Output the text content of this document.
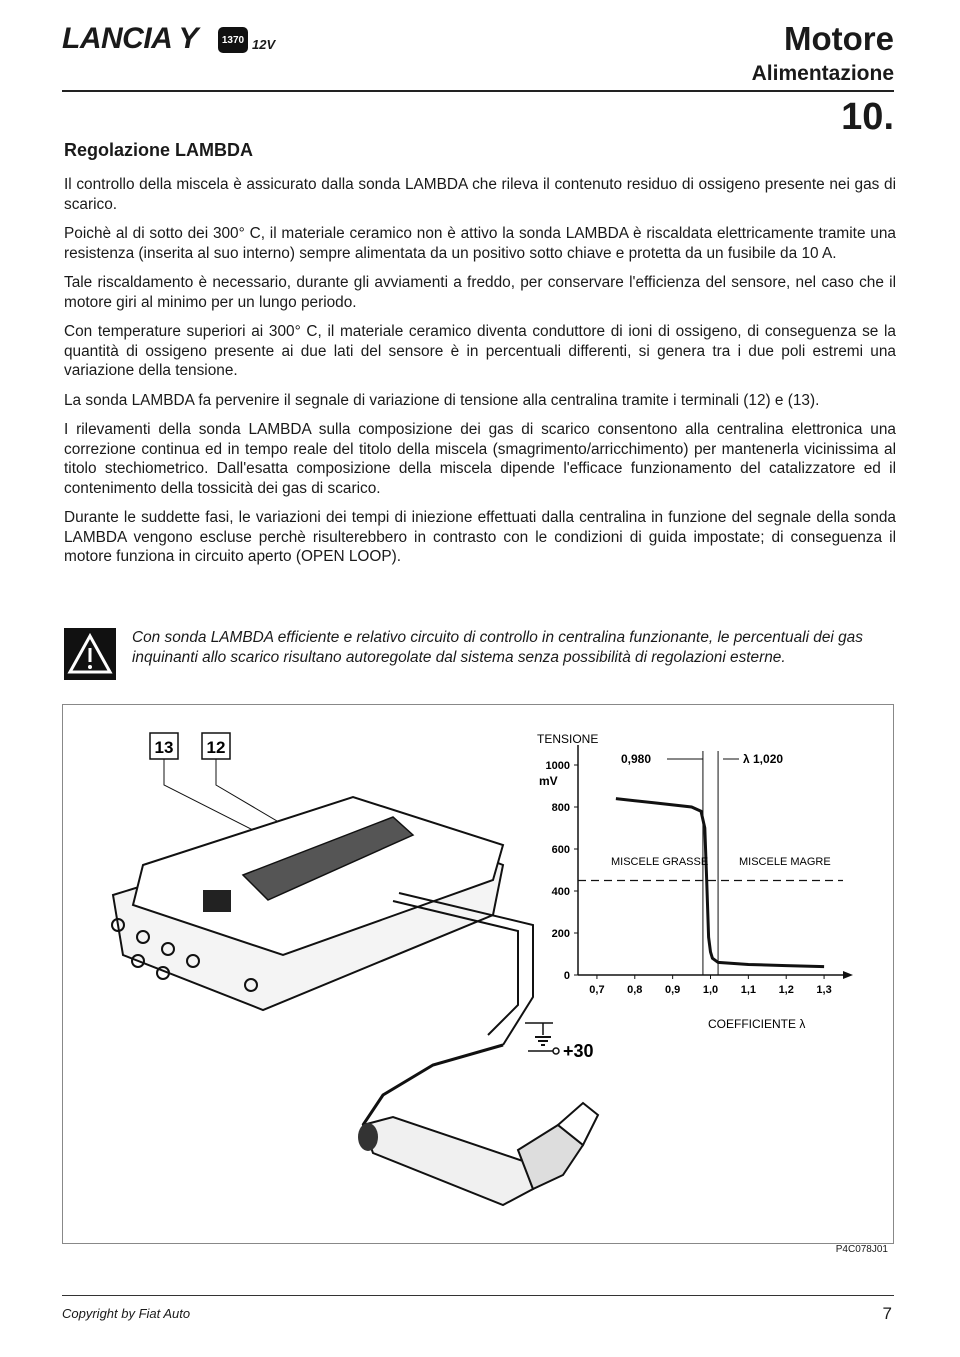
LANCIA Y	1370 12V	Motore
Alimentazione
10.
Regolazione LAMBDA

Il controllo della miscela è assicurato dalla sonda LAMBDA che rileva il contenuto residuo di ossigeno presente nei gas di scarico.

Poichè al di sotto dei 300° C, il materiale ceramico non è attivo la sonda LAMBDA è riscaldata elettricamente tramite una resistenza (inserita al suo interno) sempre alimentata da un positivo sotto chiave e protetta da un fusibile da 10 A.

Tale riscaldamento è necessario, durante gli avviamenti a freddo, per conservare l'efficienza del sensore, nel caso che il motore giri al minimo per un lungo periodo.

Con temperature superiori ai 300° C, il materiale ceramico diventa conduttore di ioni di ossigeno, di conseguenza se la quantità di ossigeno presente ai due lati del sensore è in percentuali differenti, si genera tra i due poli estremi una variazione della tensione.

La sonda LAMBDA fa pervenire il segnale di variazione di tensione alla centralina tramite i terminali (12) e (13).

I rilevamenti della sonda LAMBDA sulla composizione dei gas di scarico consentono alla centralina elettronica una correzione continua ed in tempo reale del titolo della miscela (smagrimento/arricchimento) per mantenerla vicinissima al titolo stechiometrico. Dall'esatta composizione della miscela dipende l'efficace funzionamento del catalizzatore ed il contenimento della tossicità dei gas di scarico.

Durante le suddette fasi, le variazioni dei tempi di iniezione effettuati dalla centralina in funzione del segnale della sonda LAMBDA vengono escluse perchè risulterebbero in contrasto con le condizioni di guida impostate; di conseguenza il motore funziona in circuito aperto (OPEN LOOP).

Con sonda LAMBDA efficiente e relativo circuito di controllo in centralina funzionante, le percentuali dei gas inquinanti allo scarico risultano autoregolate dal sistema senza possibilità di regolazioni esterne.
13 12
+30
TENSIONE
mV
1000
800
600
400
200
0
0,7 0,8 0,9 1,0 1,1 1,2 1,3
0,980	λ 1,020
MISCELE GRASSE	MISCELE MAGRE
COEFFICIENTE λ
P4C078J01
Copyright by Fiat Auto	7
